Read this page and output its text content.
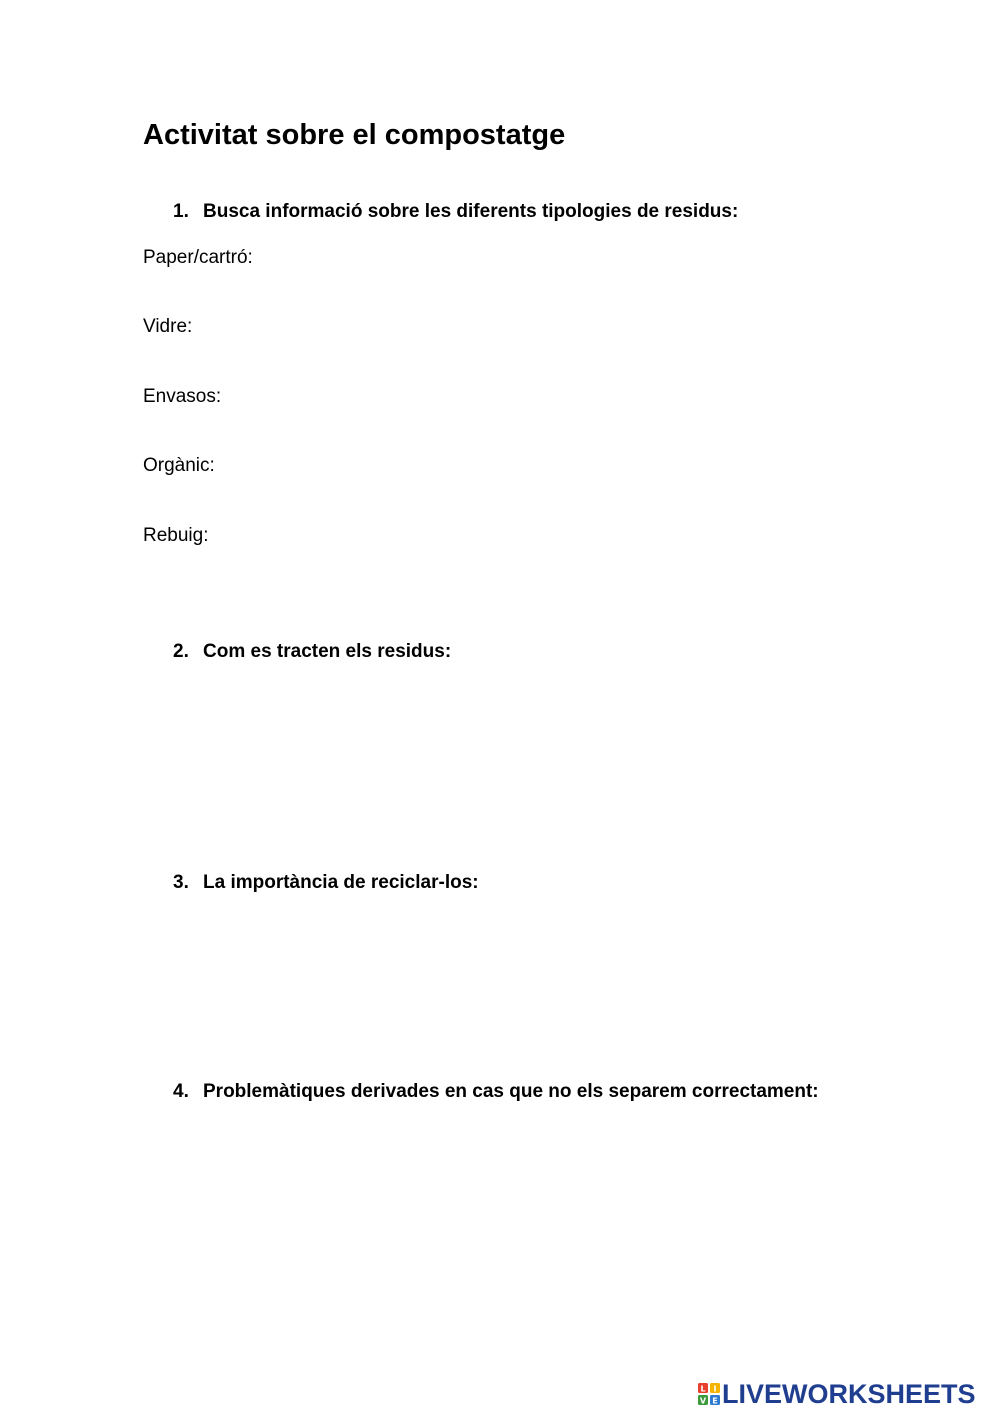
Activitat sobre el compostatge
1. Busca informació sobre les diferents tipologies de residus:
Paper/cartró:
Vidre:
Envasos:
Orgànic:
Rebuig:
2. Com es tracten els residus:
3. La importància de reciclar-los:
4. Problemàtiques derivades en cas que no els separem correctament:
L I
V E LIVEWORKSHEETS
